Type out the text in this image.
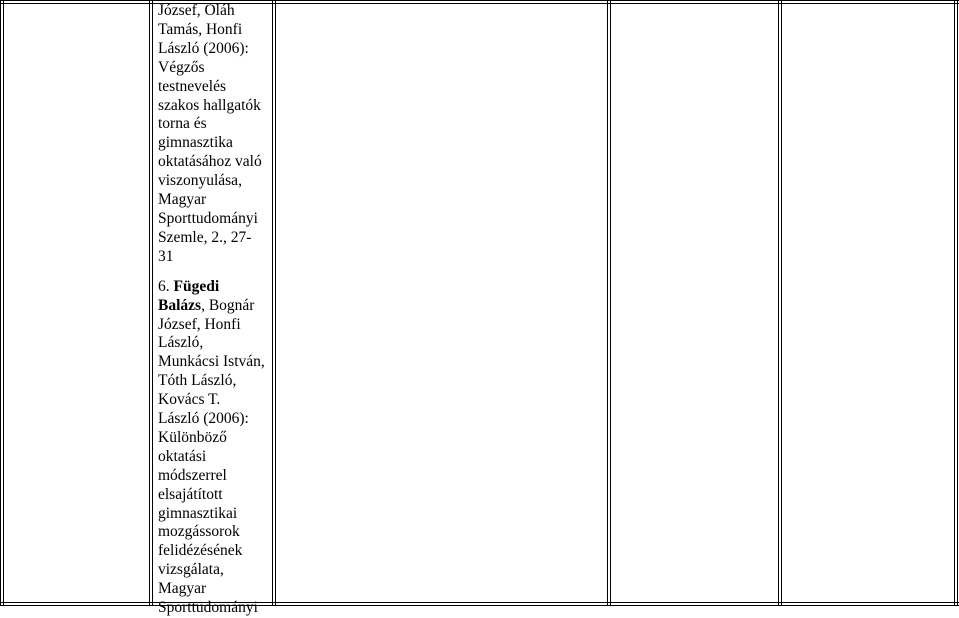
József, Oláh
Tamás, Honfi
László (2006):
Végzős
testnevelés
szakos hallgatók
torna és
gimnasztika
oktatásához való
viszonyulása,
Magyar
Sporttudományi
Szemle, 2., 27-
31
6. Fügedi
Balázs, Bognár
József, Honfi
László,
Munkácsi István,
Tóth László,
Kovács T.
László (2006):
Különböző
oktatási
módszerrel
elsajátított
gimnasztikai
mozgássorok
felidézésének
vizsgálata,
Magyar
Sporttudományi
